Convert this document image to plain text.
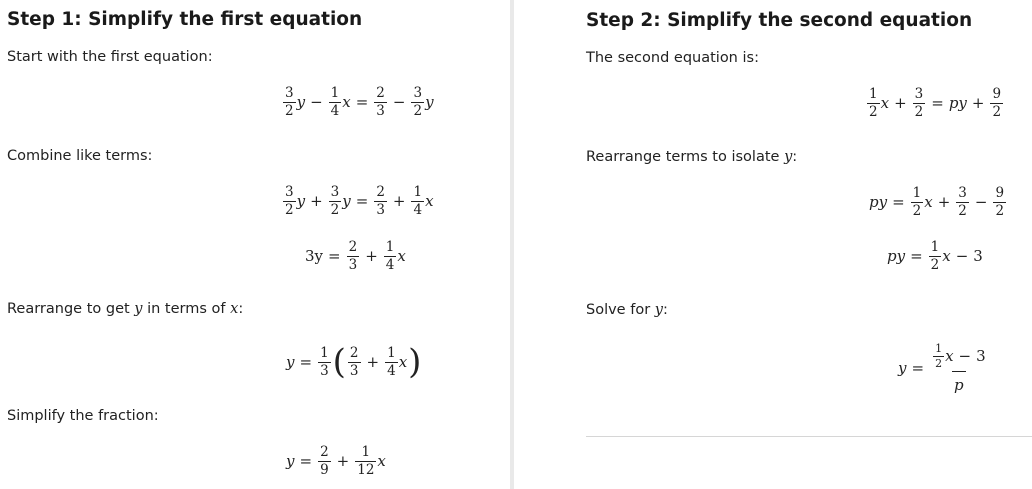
Step 1: Simplify the first equation
Start with the first equation:
$\frac{3}{2}$ $y - \frac{1}{4}$ $x = \frac{2}{3} - \frac{3}{2}$ y
Combine like terms:
$\frac{3}{2}$ $y + \frac{3}{2}$ $y = \frac{2}{3} + \frac{1}{4}$ x
$3y = \frac{2}{3} + \frac{1}{4}$ x
Rearrange to get y in terms of x:
$y = \frac{1}{3}$ ( $\frac{2}{3} + \frac{1}{4}$ x )
Simplify the fraction:
$y = \frac{2}{9} + \frac{1}{12}$ x
Step 2: Simplify the second equation
The second equation is:
$\frac{1}{2}$ $x + \frac{3}{2}$ = py + $\frac{9}{2}$
Rearrange terms to isolate y:
py = $\frac{1}{2}$ $x + \frac{3}{2} - \frac{9}{2}$
py = $\frac{1}{2}$ x − 3
Solve for y:
$y = \frac{\frac{1}{2} x - 3}{p}$
